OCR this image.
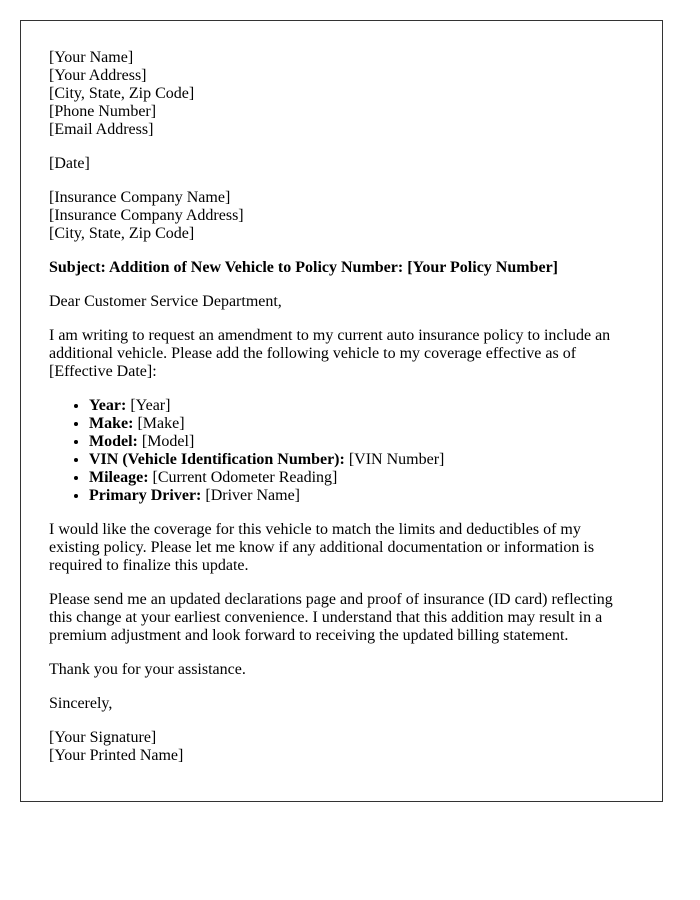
[Your Name]
[Your Address]
[City, State, Zip Code]
[Phone Number]
[Email Address]

[Date]

[Insurance Company Name]
[Insurance Company Address]
[City, State, Zip Code]

Subject: Addition of New Vehicle to Policy Number: [Your Policy Number]

Dear Customer Service Department,

I am writing to request an amendment to my current auto insurance policy to include an additional vehicle. Please add the following vehicle to my coverage effective as of [Effective Date]:

• Year: [Year]
• Make: [Make]
• Model: [Model]
• VIN (Vehicle Identification Number): [VIN Number]
• Mileage: [Current Odometer Reading]
• Primary Driver: [Driver Name]

I would like the coverage for this vehicle to match the limits and deductibles of my existing policy. Please let me know if any additional documentation or information is required to finalize this update.

Please send me an updated declarations page and proof of insurance (ID card) reflecting this change at your earliest convenience. I understand that this addition may result in a premium adjustment and look forward to receiving the updated billing statement.

Thank you for your assistance.

Sincerely,

[Your Signature]
[Your Printed Name]
